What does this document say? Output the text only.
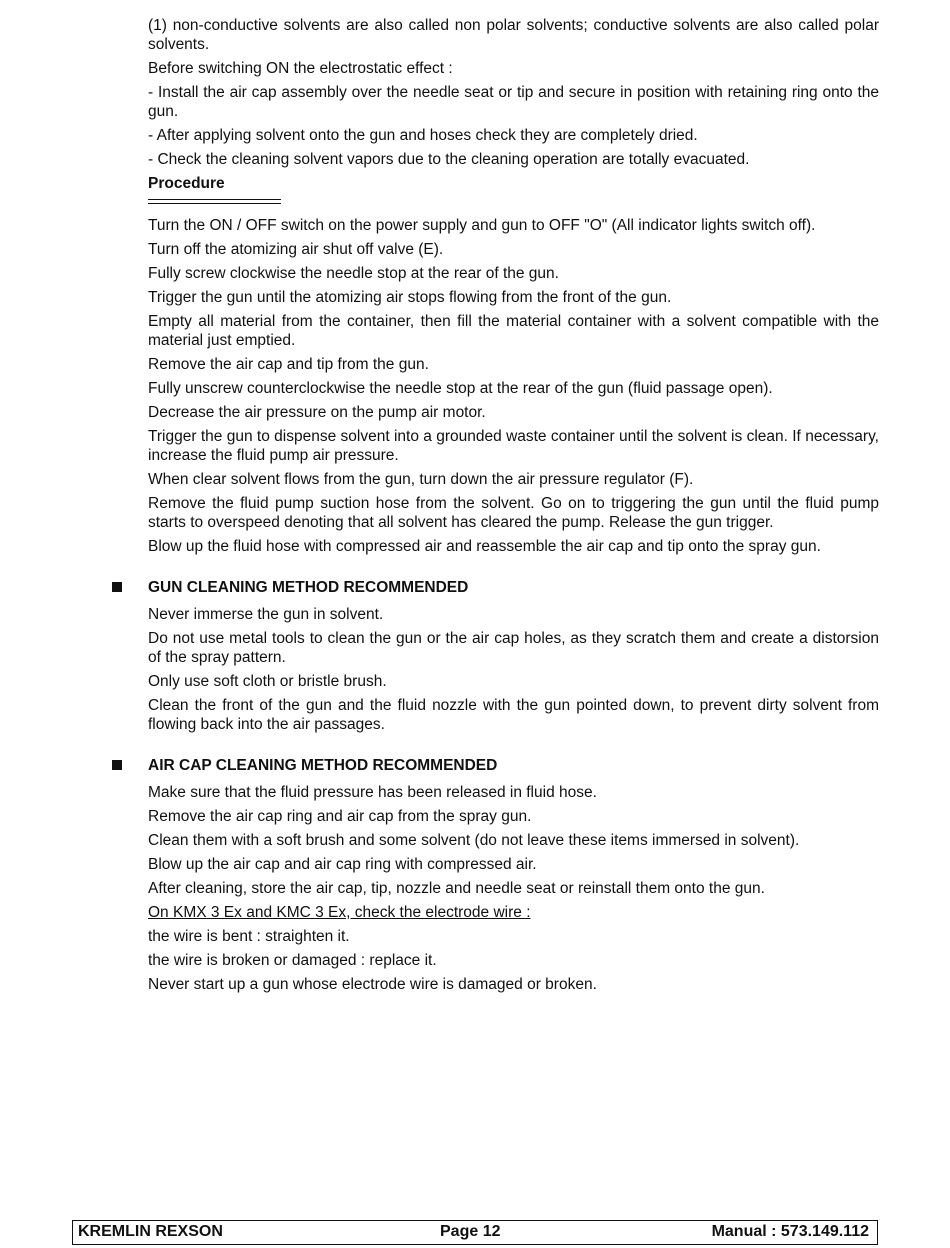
(1) non-conductive solvents are also called non polar solvents; conductive solvents are also called polar solvents.

Before switching ON the electrostatic effect :

- Install the air cap assembly over the needle seat or tip and secure in position with retaining ring onto the gun.

- After applying solvent onto the gun and hoses check they are completely dried.

- Check the cleaning solvent vapors due to the cleaning operation are totally evacuated.

Procedure

Turn the ON / OFF switch on the power supply and gun to OFF "O" (All indicator lights switch off).

Turn off the atomizing air shut off valve (E).

Fully screw clockwise the needle stop at the rear of the gun.

Trigger the gun until the atomizing air stops flowing from the front of the gun.

Empty all material from the container, then fill the material container with a solvent compatible with the material just emptied.

Remove the air cap and tip from the gun.

Fully unscrew counterclockwise the needle stop at the rear of the gun (fluid passage open).

Decrease the air pressure on the pump air motor.

Trigger the gun to dispense solvent into a grounded waste container until the solvent is clean. If necessary, increase the fluid pump air pressure.

When clear solvent flows from the gun, turn down the air pressure regulator (F).

Remove the fluid pump suction hose from the solvent. Go on to triggering the gun until the fluid pump starts to overspeed denoting that all solvent has cleared the pump. Release the gun trigger.

Blow up the fluid hose with compressed air and reassemble the air cap and tip onto the spray gun.

GUN CLEANING METHOD RECOMMENDED

Never immerse the gun in solvent.

Do not use metal tools to clean the gun or the air cap holes, as they scratch them and create a distorsion of the spray pattern.

Only use soft cloth or bristle brush.

Clean the front of the gun and the fluid nozzle with the gun pointed down, to prevent dirty solvent from flowing back into the air passages.

AIR CAP CLEANING METHOD RECOMMENDED

Make sure that the fluid pressure has been released in fluid hose.

Remove the air cap ring and air cap from the spray gun.

Clean them with a soft brush and some solvent (do not leave these items immersed in solvent).

Blow up the air cap and air cap ring with compressed air.

After cleaning, store the air cap, tip, nozzle and needle seat or reinstall them onto the gun.

On KMX 3 Ex and KMC 3 Ex, check the electrode wire :

the wire is bent : straighten it.

the wire is broken or damaged : replace it.

Never start up a gun whose electrode wire is damaged or broken.

KREMLIN REXSON	Page 12	Manual : 573.149.112
